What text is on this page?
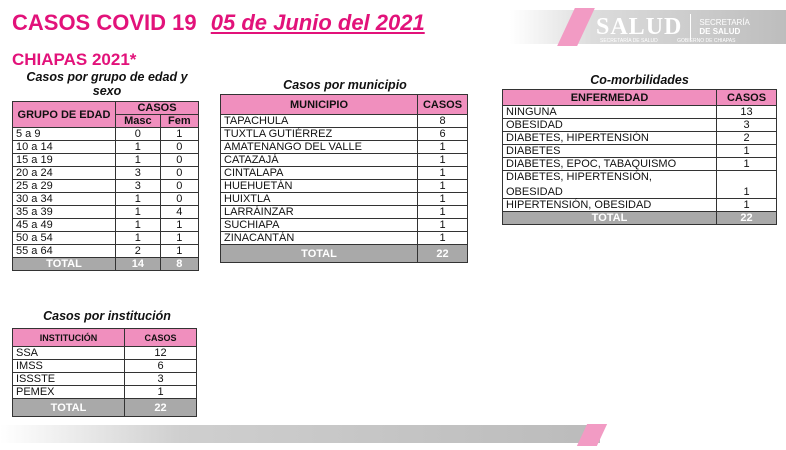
CASOS COVID 19 05 de Junio del 2021
CHIAPAS 2021*
SALUD SECRETARÍA
DE SALUD
SECRETARÍA DE SALUD	GOBIERNO DE CHIAPAS
Casos por grupo de edad y sexo
GRUPO DE EDAD	CASOS	
	Masc	Fem
5 a 9	0	1
10 a 14	1	0
15 a 19	1	0
20 a 24	3	0
25 a 29	3	0
30 a 34	1	0
35 a 39	1	4
45 a 49	1	1
50 a 54	1	1
55 a 64	2	1
TOTAL	14	8
Casos por municipio
MUNICIPIO	CASOS
TAPACHULA	8
TUXTLA GUTIÉRREZ	6
AMATENANGO DEL VALLE	1
CATAZAJÁ	1
CINTALAPA	1
HUEHUETÁN	1
HUIXTLA	1
LARRÁINZAR	1
SUCHIAPA	1
ZINACANTÁN	1
TOTAL	22
Co-morbilidades
ENFERMEDAD	CASOS

NINGUNA	13

OBESIDAD	3

DIABETES, HIPERTENSIÓN	2

DIABETES	1

DIABETES, EPOC, TABAQUISMO	1

DIABETES, HIPERTENSIÓN,
OBESIDAD	1

HIPERTENSIÓN, OBESIDAD	1
TOTAL	22
Casos por institución
INSTITUCIÓN	CASOS
SSA	12
IMSS	6
ISSSTE	3
PEMEX	1
TOTAL	22
